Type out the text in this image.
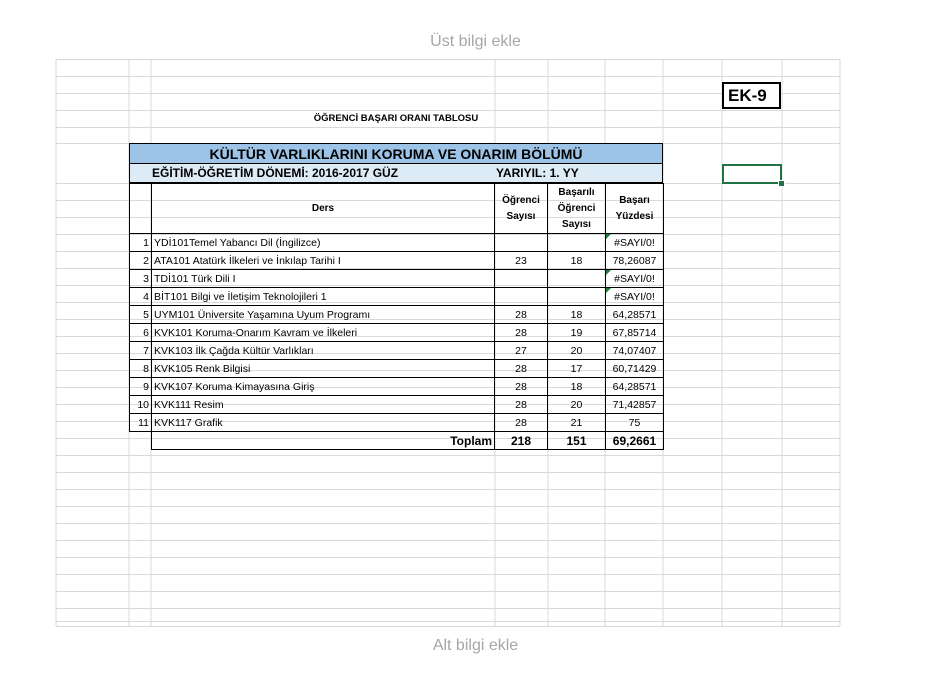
Üst bilgi ekle
ÖĞRENCİ BAŞARI ORANI TABLOSU
KÜLTÜR VARLIKLARINI KORUMA VE ONARIM BÖLÜMÜ
EĞİTİM-ÖĞRETİM DÖNEMİ: 2016-2017 GÜZ	YARIYIL: 1. YY
	Ders	Öğrenci Sayısı	Başarılı Öğrenci Sayısı	Başarı Yüzdesi
1	YDİ101Temel Yabancı Dil (İngilizce)			#SAYI/0!
2	ATA101 Atatürk İlkeleri ve İnkılap Tarihi I	23	18	78,26087
3	TDİ101 Türk Dili I			#SAYI/0!
4	BİT101 Bilgi ve İletişim Teknolojileri 1			#SAYI/0!
5	UYM101 Üniversite Yaşamına Uyum Programı	28	18	64,28571
6	KVK101 Koruma-Onarım Kavram ve İlkeleri	28	19	67,85714
7	KVK103 İlk Çağda Kültür Varlıkları	27	20	74,07407
8	KVK105 Renk Bilgisi	28	17	60,71429
9	KVK107 Koruma Kimayasına Giriş	28	18	64,28571
10	KVK111 Resim	28	20	71,42857
11	KVK117 Grafik	28	21	75
	Toplam	218	151	69,2661
EK-9
Alt bilgi ekle
